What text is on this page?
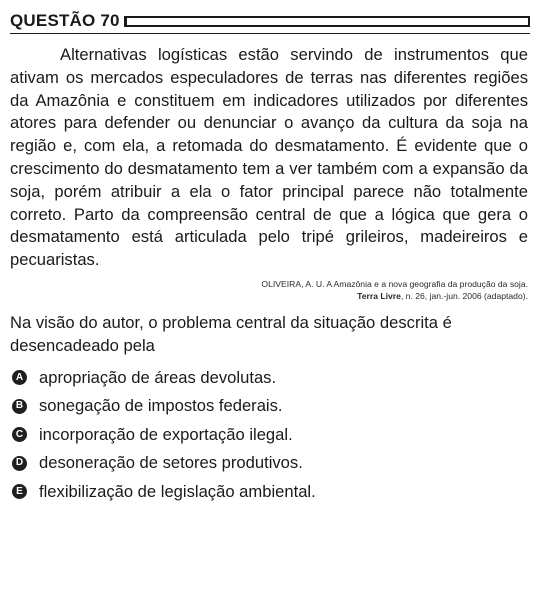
QUESTÃO 70

Alternativas logísticas estão servindo de instrumentos que ativam os mercados especuladores de terras nas diferentes regiões da Amazônia e constituem em indicadores utilizados por diferentes atores para defender ou denunciar o avanço da cultura da soja na região e, com ela, a retomada do desmatamento. É evidente que o crescimento do desmatamento tem a ver também com a expansão da soja, porém atribuir a ela o fator principal parece não totalmente correto. Parto da compreensão central de que a lógica que gera o desmatamento está articulada pelo tripé grileiros, madeireiros e pecuaristas.

OLIVEIRA, A. U. A Amazônia e a nova geografia da produção da soja.
Terra Livre, n. 26, jan.-jun. 2006 (adaptado).
Na visão do autor, o problema central da situação descrita é desencadeado pela
A apropriação de áreas devolutas.
B sonegação de impostos federais.
C incorporação de exportação ilegal.
D desoneração de setores produtivos.
E flexibilização de legislação ambiental.
